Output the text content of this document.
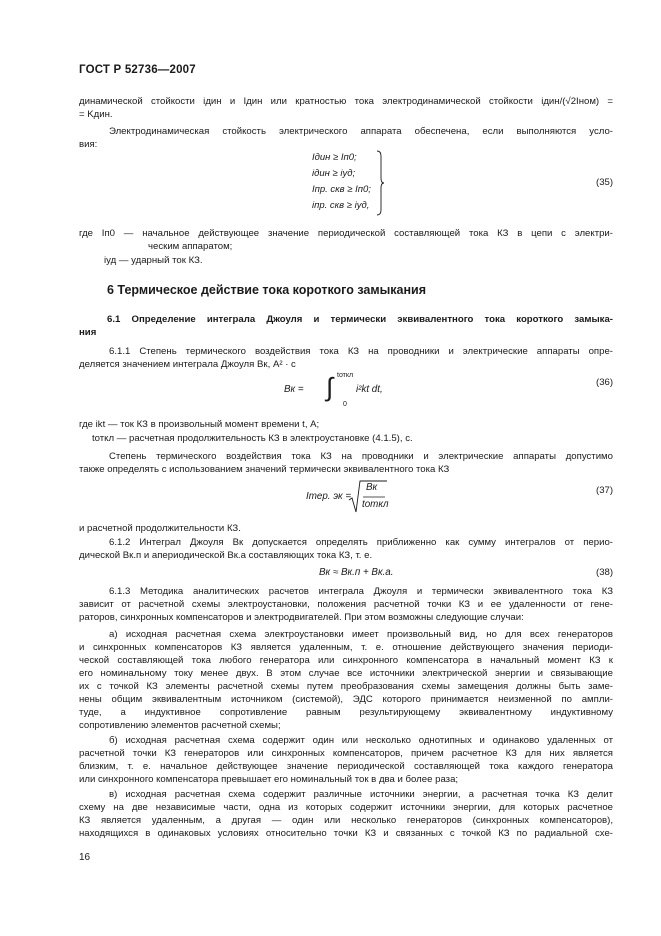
ГОСТ Р 52736—2007
динамической стойкости iдин и Iдин или кратностью тока электродинамической стойкости iдин/(√2Iном) =
= Kдин.
Электродинамическая стойкость электрического аппарата обеспечена, если выполняются усло-
вия:
Iдин ≥ Iп0;
iдин ≥ iуд;
Iпр. скв ≥ Iп0;
iпр. скв ≥ iуд,
(35)
где Iп0 — начальное действующее значение периодической составляющей тока КЗ в цепи с электри-
ческим аппаратом;
iуд — ударный ток КЗ.
6 Термическое действие тока короткого замыкания
6.1 Определение интеграла Джоуля и термически эквивалентного тока короткого замыка-
ния
6.1.1 Степень термического воздействия тока КЗ на проводники и электрические аппараты опре-
деляется значением интеграла Джоуля Bк, А² · с
Bк =
tоткл
∫
0
i²kt dt,
(36)
где ikt — ток КЗ в произвольный момент времени t, А;
tоткл — расчетная продолжительность КЗ в электроустановке (4.1.5), с.
Степень термического воздействия тока КЗ на проводники и электрические аппараты допустимо
также определять с использованием значений термически эквивалентного тока КЗ
Iтер. эк =
Bк
tоткл
(37)
и расчетной продолжительности КЗ.
6.1.2 Интеграл Джоуля Bк допускается определять приближенно как сумму интегралов от перио-
дической Bк.п и апериодической Bк.а составляющих тока КЗ, т. е.
Bк ≈ Bк.п + Bк.а.	(38)
6.1.3 Методика аналитических расчетов интеграла Джоуля и термически эквивалентного тока КЗ
зависит от расчетной схемы электроустановки, положения расчетной точки КЗ и ее удаленности от гене-
раторов, синхронных компенсаторов и электродвигателей. При этом возможны следующие случаи:
а) исходная расчетная схема электроустановки имеет произвольный вид, но для всех генераторов
и синхронных компенсаторов КЗ является удаленным, т. е. отношение действующего значения периоди-
ческой составляющей тока любого генератора или синхронного компенсатора в начальный момент КЗ к
его номинальному току менее двух. В этом случае все источники электрической энергии и связывающие
их с точкой КЗ элементы расчетной схемы путем преобразования схемы замещения должны быть заме-
нены общим эквивалентным источником (системой), ЭДС которого принимается неизменной по ампли-
туде, а индуктивное сопротивление равным результирующему эквивалентному индуктивному
сопротивлению элементов расчетной схемы;
б) исходная расчетная схема содержит один или несколько однотипных и одинаково удаленных от
расчетной точки КЗ генераторов или синхронных компенсаторов, причем расчетное КЗ для них является
близким, т. е. начальное действующее значение периодической составляющей тока каждого генератора
или синхронного компенсатора превышает его номинальный ток в два и более раза;
в) исходная расчетная схема содержит различные источники энергии, а расчетная точка КЗ делит
схему на две независимые части, одна из которых содержит источники энергии, для которых расчетное
КЗ является удаленным, а другая — один или несколько генераторов (синхронных компенсаторов),
находящихся в одинаковых условиях относительно точки КЗ и связанных с точкой КЗ по радиальной схе-
16
